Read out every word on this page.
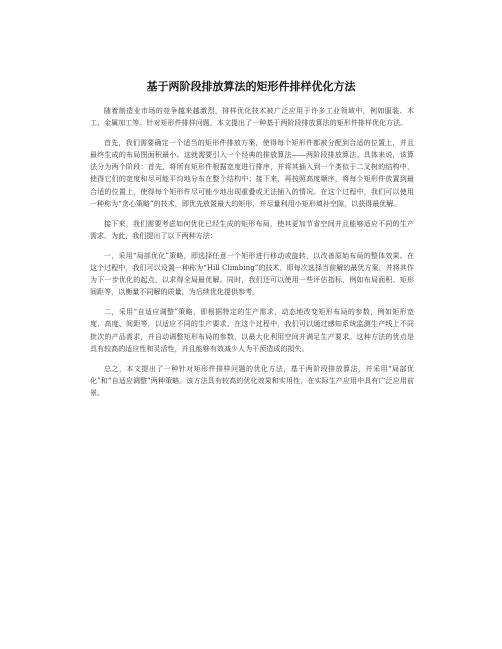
基于两阶段排放算法的矩形件排样优化方法

随着制造业市场的竞争越来越激烈，排样优化技术被广泛应用于许多工业领域中，例如服装、木工、金属加工等。针对矩形件排样问题，本文提出了一种基于两阶段排放算法的矩形件排样优化方法。

首先，我们需要确定一个适当的矩形件排放方案，使得每个矩形件都被分配到合适的位置上，并且最终生成的布局图面积最小。这就需要引入一个经典的排放算法——两阶段排放算法。具体来说，该算法分为两个阶段：首先，将所有矩形件根据宽度进行排序，并将其插入到一个类似于二叉树的结构中，使得它们的宽度和尽可能平均地分布在整个结构中；接下来，再按照高度顺序，将每个矩形件放置到最合适的位置上，使得每个矩形件尽可能少地出现重叠或无法插入的情况。在这个过程中，我们可以使用一种称为“贪心策略”的技术，即优先放置最大的矩形，并尽量利用小矩形填补空隙，以获得最优解。

接下来，我们需要考虑如何优化已经生成的矩形布局，使其更加节省空间并且能够适应不同的生产需求。为此，我们提出了以下两种方法：

一，采用“局部优化”策略，即选择任意一个矩形进行移动或旋转，以改善原始布局的整体效果。在这个过程中，我们可以设置一种称为“Hill Climbing”的技术，即每次选择当前解的最优方案，并将其作为下一步优化的起点，以求得全局最优解。同时，我们还可以使用一些评估指标，例如布局面积、矩形间距等，以衡量不同解的质量，为后续优化提供参考。

二，采用“自适应调整”策略，即根据特定的生产需求，动态地改变矩形布局的参数，例如矩形宽度、高度、间距等，以适应不同的生产要求。在这个过程中，我们可以通过感知系统监测生产线上不同批次的产品需求，并自动调整矩形布局的参数，以最大化利用空间并满足生产要求。这种方法的优点是具有较高的适应性和灵活性，并且能够有效减少人为干预造成的损失。

总之，本文提出了一种针对矩形件排样问题的优化方法，基于两阶段排放算法，并采用“局部优化”和“自适应调整”两种策略。该方法具有较高的优化效果和实用性，在实际生产应用中具有广泛应用前景。
